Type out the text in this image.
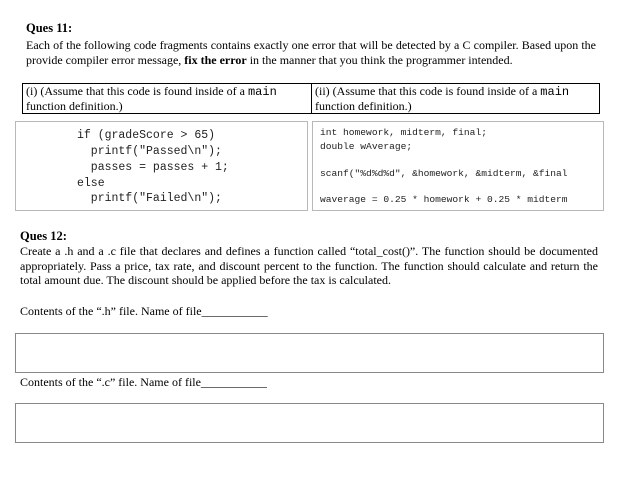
Ques 11:
Each of the following code fragments contains exactly one error that will be detected by a C compiler. Based upon the provide compiler error message, fix the error in the manner that you think the programmer intended.
(i) (Assume that this code is found inside of a main function definition.)	(ii) (Assume that this code is found inside of a main function definition.)
if (gradeScore > 65)
printf("Passed\n");
passes = passes + 1;
else
printf("Failed\n");
int homework, midterm, final;
double wAverage;
scanf("%d%d%d", &homework, &midterm, &final
waverage = 0.25 * homework + 0.25 * midterm
Ques 12:
Create a .h and a .c file that declares and defines a function called “total_cost()”. The function should be documented appropriately. Pass a price, tax rate, and discount percent to the function. The function should calculate and return the total amount due. The discount should be applied before the tax is calculated.
Contents of the “.h” file. Name of file___________
Contents of the “.c” file. Name of file___________
